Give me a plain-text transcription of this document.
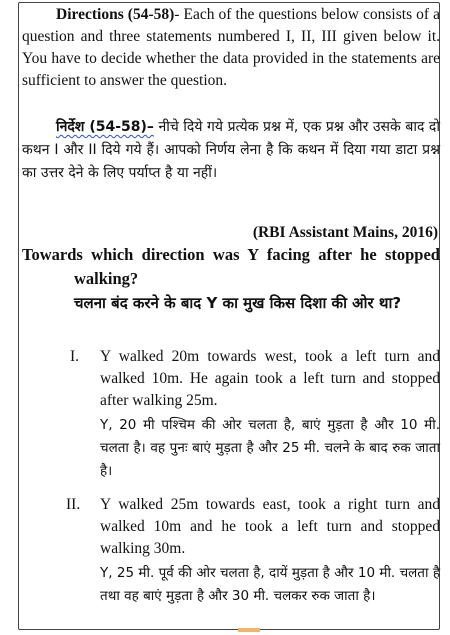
Directions (54-58)- Each of the questions below consists of a question and three statements numbered I, II, III given below it. You have to decide whether the data provided in the statements are sufficient to answer the question.
निर्देश (54-58)– नीचे दिये गये प्रत्येक प्रश्न में, एक प्रश्न और उसके बाद दो कथन I और II दिये गये हैं। आपको निर्णय लेना है कि कथन में दिया गया डाटा प्रश्न का उत्तर देने के लिए पर्याप्त है या नहीं।
(RBI Assistant Mains, 2016)
Towards which direction was Y facing after he stopped walking?
चलना बंद करने के बाद Y का मुख किस दिशा की ओर था?
I. Y walked 20m towards west, took a left turn and walked 10m. He again took a left turn and stopped after walking 25m.
Y, 20 मी पश्चिम की ओर चलता है, बाएं मुड़ता है और 10 मी. चलता है। वह पुनः बाएं मुड़ता है और 25 मी. चलने के बाद रुक जाता है।
II. Y walked 25m towards east, took a right turn and walked 10m and he took a left turn and stopped walking 30m.
Y, 25 मी. पूर्व की ओर चलता है, दायें मुड़ता है और 10 मी. चलता है तथा वह बाएं मुड़ता है और 30 मी. चलकर रुक जाता है।
